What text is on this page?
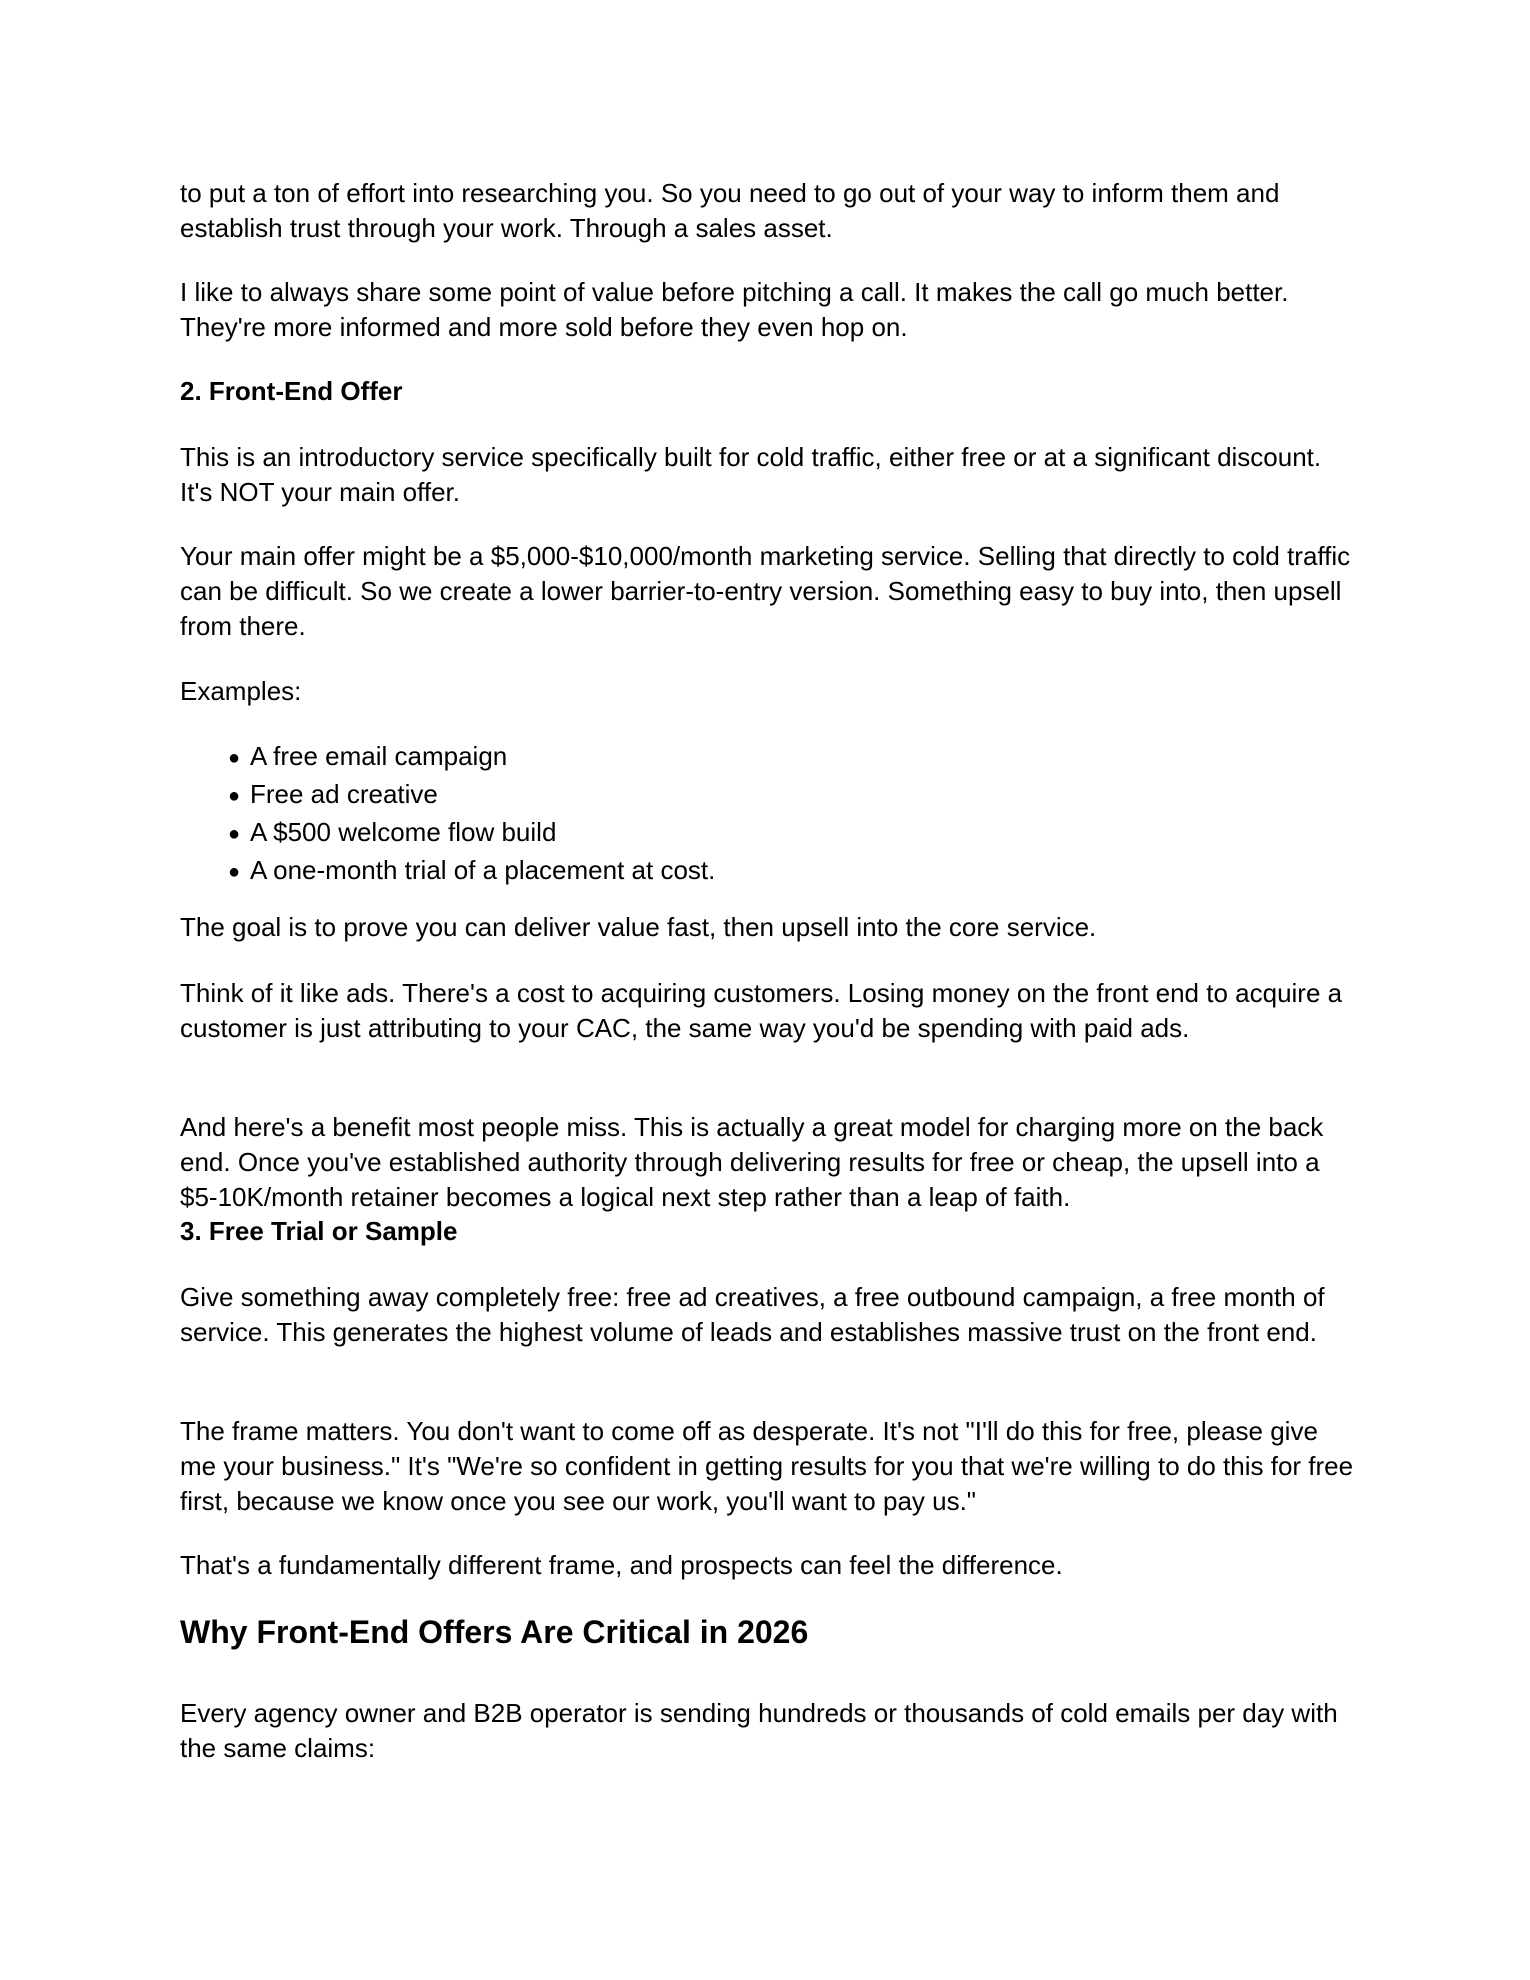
to put a ton of effort into researching you. So you need to go out of your way to inform them and establish trust through your work. Through a sales asset.

I like to always share some point of value before pitching a call. It makes the call go much better. They're more informed and more sold before they even hop on.

2. Front-End Offer

This is an introductory service specifically built for cold traffic, either free or at a significant discount. It's NOT your main offer.

Your main offer might be a $5,000-$10,000/month marketing service. Selling that directly to cold traffic can be difficult. So we create a lower barrier-to-entry version. Something easy to buy into, then upsell from there.

Examples:

● A free email campaign
● Free ad creative
● A $500 welcome flow build
● A one-month trial of a placement at cost.

The goal is to prove you can deliver value fast, then upsell into the core service.

Think of it like ads. There's a cost to acquiring customers. Losing money on the front end to acquire a customer is just attributing to your CAC, the same way you'd be spending with paid ads.

And here's a benefit most people miss. This is actually a great model for charging more on the back end. Once you've established authority through delivering results for free or cheap, the upsell into a $5-10K/month retainer becomes a logical next step rather than a leap of faith.

3. Free Trial or Sample

Give something away completely free: free ad creatives, a free outbound campaign, a free month of service. This generates the highest volume of leads and establishes massive trust on the front end.

The frame matters. You don't want to come off as desperate. It's not "I'll do this for free, please give me your business." It's "We're so confident in getting results for you that we're willing to do this for free first, because we know once you see our work, you'll want to pay us."

That's a fundamentally different frame, and prospects can feel the difference.

Why Front-End Offers Are Critical in 2026

Every agency owner and B2B operator is sending hundreds or thousands of cold emails per day with the same claims:
